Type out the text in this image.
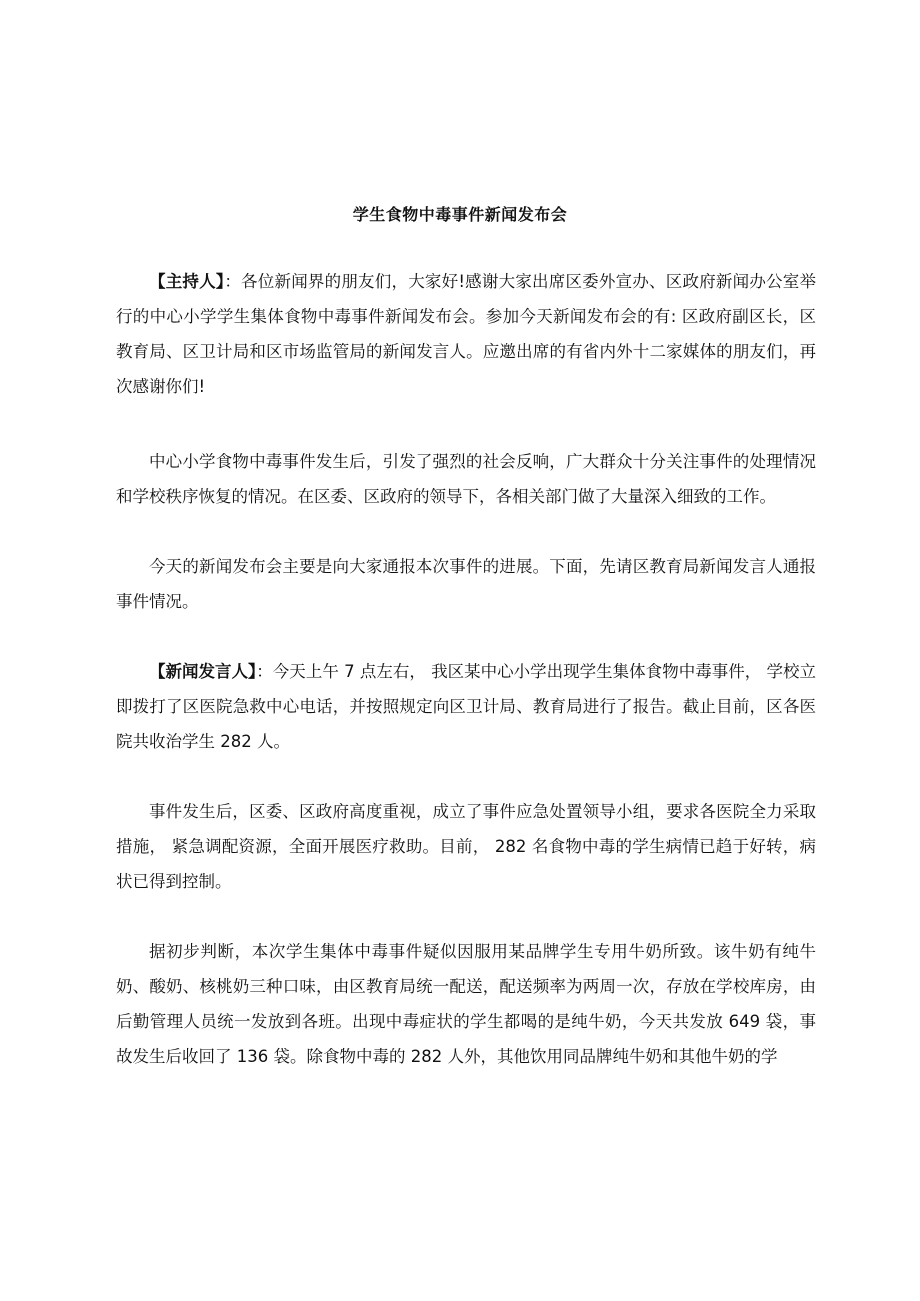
学生食物中毒事件新闻发布会

【主持人】：各位新闻界的朋友们，大家好!感谢大家出席区委外宣办、区政府新闻办公室举行的中心小学学生集体食物中毒事件新闻发布会。参加今天新闻发布会的有: 区政府副区长，区教育局、区卫计局和区市场监管局的新闻发言人。应邀出席的有省内外十二家媒体的朋友们，再次感谢你们!

中心小学食物中毒事件发生后，引发了强烈的社会反响，广大群众十分关注事件的处理情况和学校秩序恢复的情况。在区委、区政府的领导下，各相关部门做了大量深入细致的工作。

今天的新闻发布会主要是向大家通报本次事件的进展。下面，先请区教育局新闻发言人通报事件情况。

【新闻发言人】：今天上午 7 点左右， 我区某中心小学出现学生集体食物中毒事件， 学校立即拨打了区医院急救中心电话，并按照规定向区卫计局、教育局进行了报告。截止目前，区各医院共收治学生 282 人。

事件发生后，区委、区政府高度重视，成立了事件应急处置领导小组，要求各医院全力采取措施， 紧急调配资源，全面开展医疗救助。目前， 282 名食物中毒的学生病情已趋于好转，病状已得到控制。

据初步判断，本次学生集体中毒事件疑似因服用某品牌学生专用牛奶所致。该牛奶有纯牛奶、酸奶、核桃奶三种口味，由区教育局统一配送，配送频率为两周一次，存放在学校库房，由后勤管理人员统一发放到各班。出现中毒症状的学生都喝的是纯牛奶，今天共发放 649 袋，事故发生后收回了 136 袋。除食物中毒的 282 人外，其他饮用同品牌纯牛奶和其他牛奶的学
